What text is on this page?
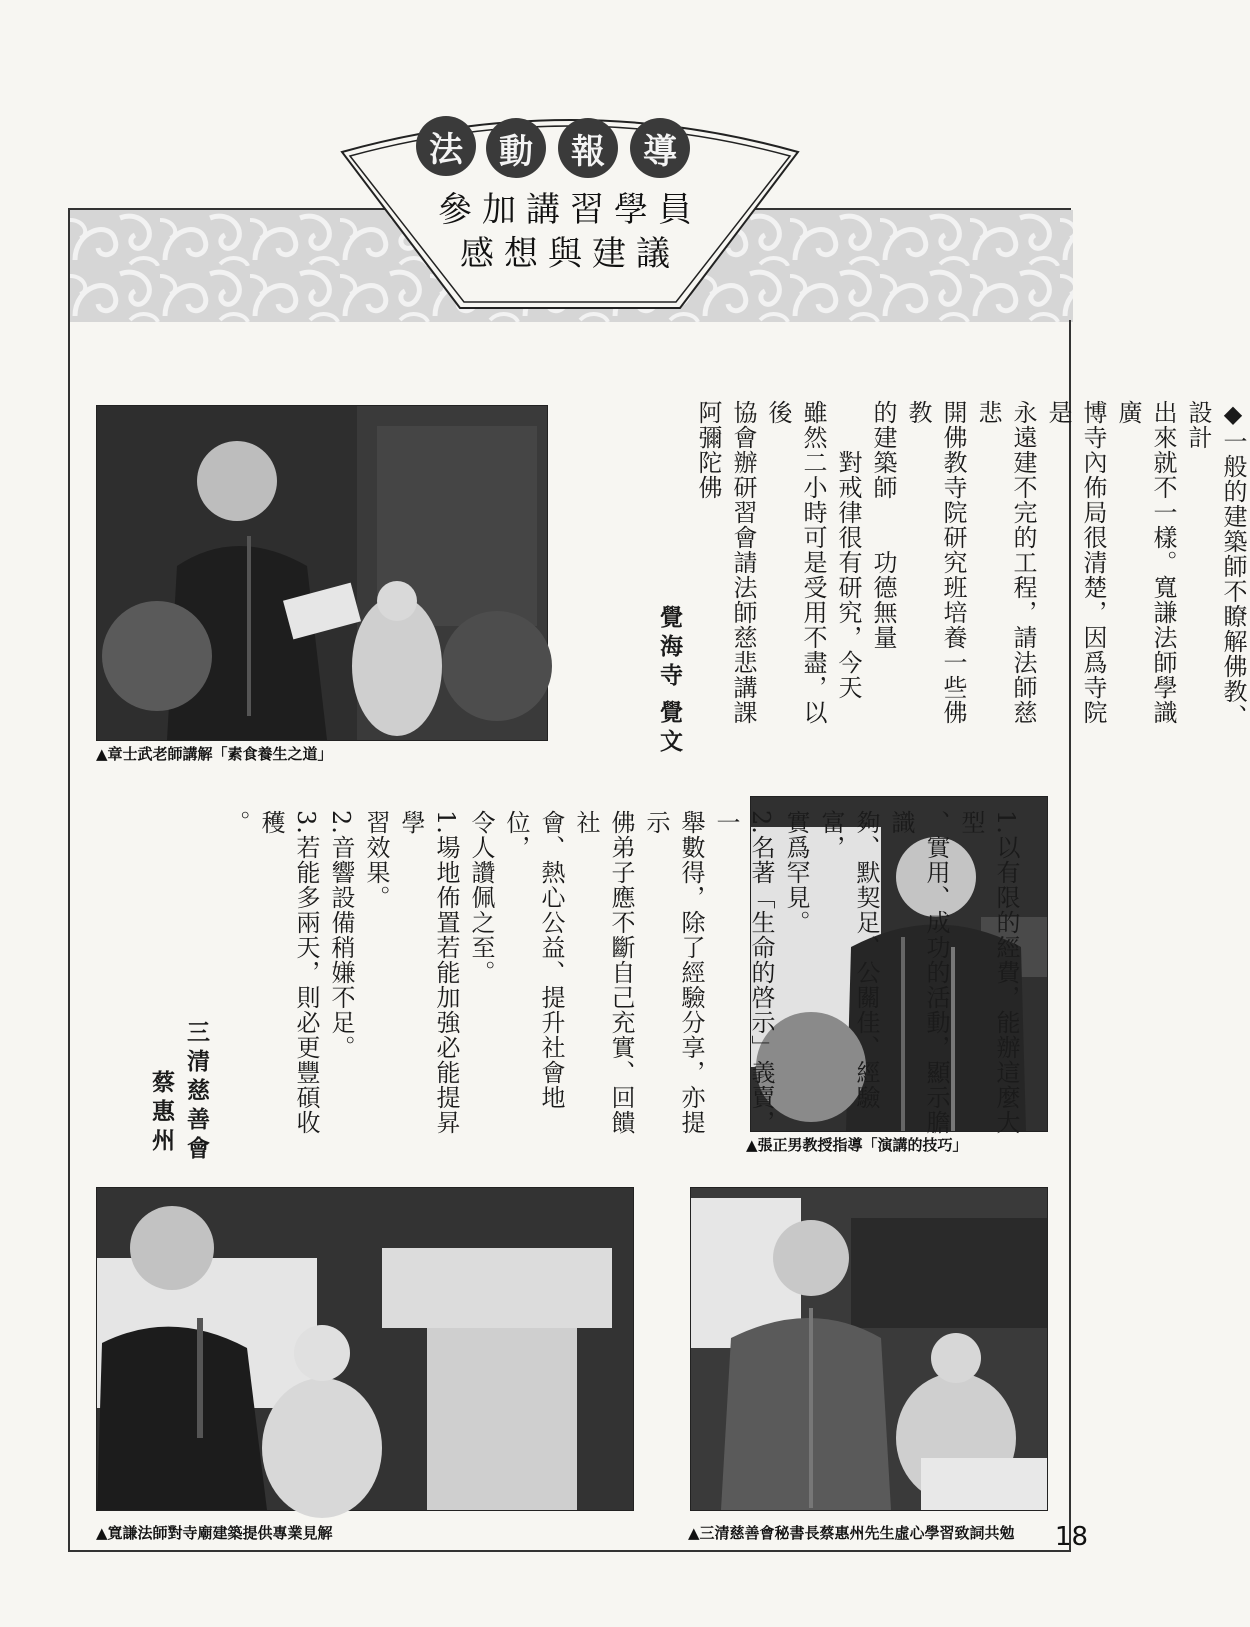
法	動	報	導
參加講習學員
感想與建議
▲章士武老師講解「素食養生之道」
◆一般的建築師不瞭解佛教、設計
出來就不一樣。寬謙法師學識廣
博寺內佈局很清楚，因爲寺院是
永遠建不完的工程，請法師慈悲
開佛教寺院研究班培養一些佛教
的建築師　　功德無量
　　對戒律很有研究，今天
雖然二小時可是受用不盡，以後
協會辦研習會請法師慈悲講課
阿彌陀佛
覺海寺
覺文
▲張正男教授指導「演講的技巧」
1.以有限的經費，能辦這麼大型
、實用、成功的活動，顯示膽識
夠、默契足、公關佳、經驗富，
實爲罕見。
2.名著「生命的啓示」義賣，一
舉數得，除了經驗分享，亦提示
佛弟子應不斷自己充實、回饋社
會、熱心公益、提升社會地位，
令人讚佩之至。
1.場地佈置若能加強必能提昇學
習效果。
2.音響設備稍嫌不足。
3.若能多兩天，則必更豐碩收穫
。
三清慈善會
蔡惠州
▲寬謙法師對寺廟建築提供專業見解	▲三清慈善會秘書長蔡惠州先生虛心學習致詞共勉 18
